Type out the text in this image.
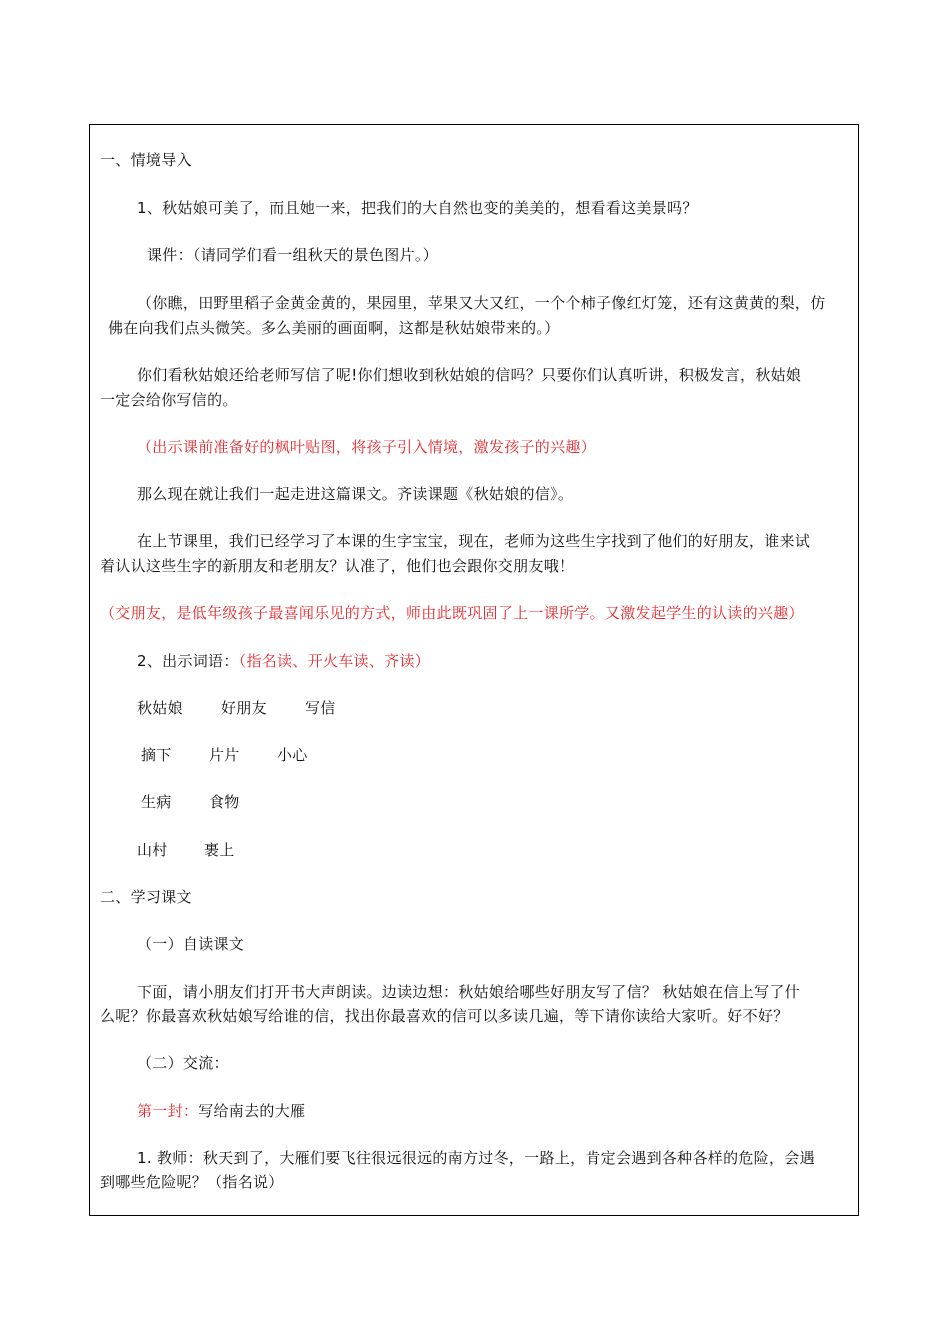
一、情境导入
1、秋姑娘可美了，而且她一来，把我们的大自然也变的美美的，想看看这美景吗？
课件：（请同学们看一组秋天的景色图片。）
（你瞧，田野里稻子金黄金黄的，果园里，苹果又大又红，一个个柿子像红灯笼，还有这黄黄的梨，仿
佛在向我们点头微笑。多么美丽的画面啊，这都是秋姑娘带来的。）
你们看秋姑娘还给老师写信了呢!你们想收到秋姑娘的信吗？只要你们认真听讲，积极发言，秋姑娘
一定会给你写信的。
（出示课前准备好的枫叶贴图，将孩子引入情境，激发孩子的兴趣）
那么现在就让我们一起走进这篇课文。齐读课题《秋姑娘的信》。
在上节课里，我们已经学习了本课的生字宝宝，现在，老师为这些生字找到了他们的好朋友，谁来试
着认认这些生字的新朋友和老朋友？认准了，他们也会跟你交朋友哦！
（交朋友，是低年级孩子最喜闻乐见的方式，师由此既巩固了上一课所学。又激发起学生的认读的兴趣）
2、出示词语：（指名读、开火车读、齐读）
秋姑娘	好朋友	写信
摘下 片片 小心
生病 食物
山村 裹上
二、学习课文
（一）自读课文
下面，请小朋友们打开书大声朗读。边读边想：秋姑娘给哪些好朋友写了信？ 秋姑娘在信上写了什
么呢？你最喜欢秋姑娘写给谁的信，找出你最喜欢的信可以多读几遍，等下请你读给大家听。好不好？
（二）交流：
第一封：写给南去的大雁
1. 教师：秋天到了，大雁们要飞往很远很远的南方过冬，一路上，肯定会遇到各种各样的危险，会遇
到哪些危险呢？（指名说）
